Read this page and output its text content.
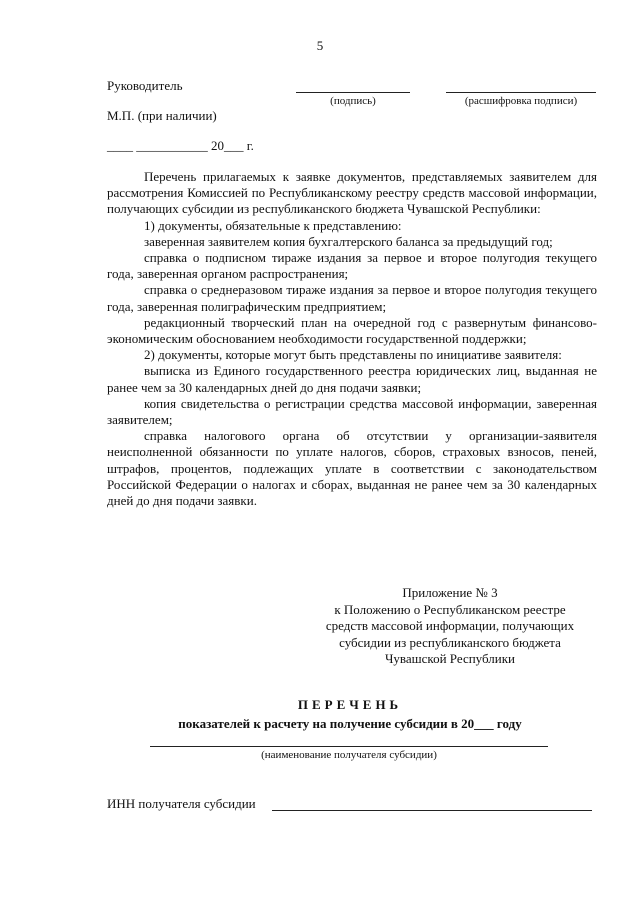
5
Руководитель
(подпись)	(расшифровка подписи)
М.П. (при наличии)
____ ___________ 20___ г.

Перечень прилагаемых к заявке документов, представляемых заявителем для рассмотрения Комиссией по Республиканскому реестру средств массовой информации, получающих субсидии из республиканского бюджета Чувашской Республики:

1) документы, обязательные к представлению:

заверенная заявителем копия бухгалтерского баланса за предыдущий год;

справка о подписном тираже издания за первое и второе полугодия текущего года, заверенная органом распространения;

справка о среднеразовом тираже издания за первое и второе полугодия текущего года, заверенная полиграфическим предприятием;

редакционный творческий план на очередной год с развернутым финансово-экономическим обоснованием необходимости государственной поддержки;

2) документы, которые могут быть представлены по инициативе заявителя:

выписка из Единого государственного реестра юридических лиц, выданная не ранее чем за 30 календарных дней до дня подачи заявки;

копия свидетельства о регистрации средства массовой информации, заверенная заявителем;

справка налогового органа об отсутствии у организации-заявителя неисполненной обязанности по уплате налогов, сборов, страховых взносов, пеней, штрафов, процентов, подлежащих уплате в соответствии с законодательством Российской Федерации о налогах и сборах, выданная не ранее чем за 30 календарных дней до дня подачи заявки.

Приложение № 3
к Положению о Республиканском реестре
средств массовой информации, получающих
субсидии из республиканского бюджета
Чувашской Республики
ПЕРЕЧЕНЬ
показателей к расчету на получение субсидии в 20___ году
(наименование получателя субсидии)
ИНН получателя субсидии
